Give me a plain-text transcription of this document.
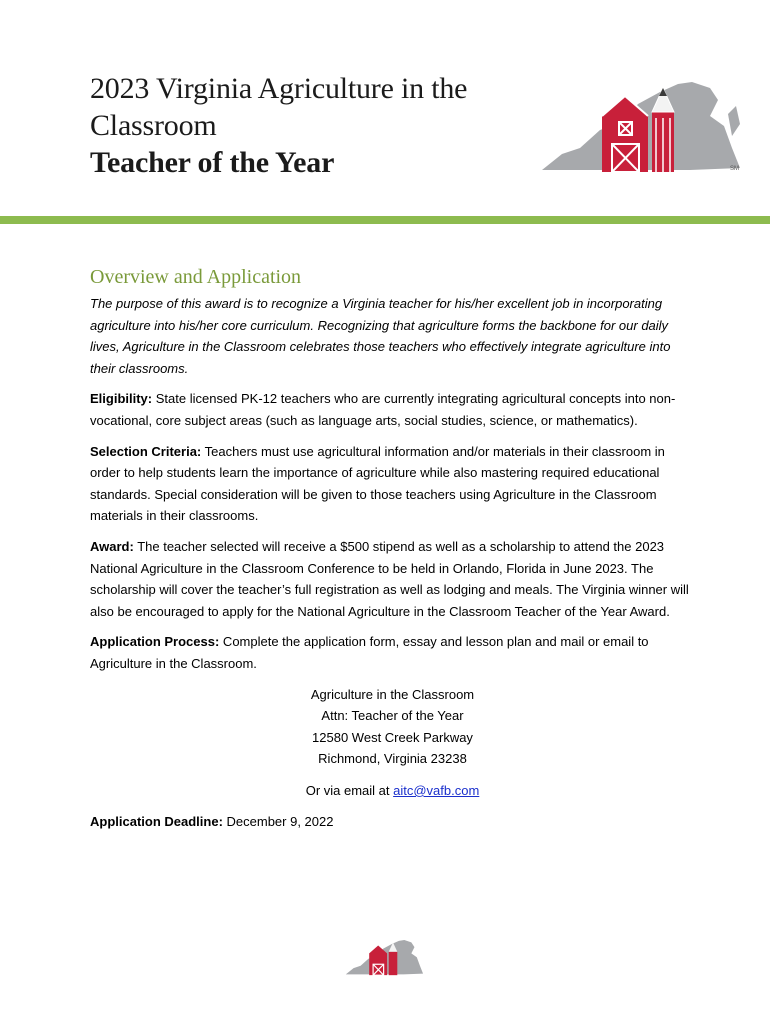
2023 Virginia Agriculture in the
Classroom
Teacher of the Year	SM
Overview and Application

The purpose of this award is to recognize a Virginia teacher for his/her excellent job in incorporating agriculture into his/her core curriculum. Recognizing that agriculture forms the backbone for our daily lives, Agriculture in the Classroom celebrates those teachers who effectively integrate agriculture into their classrooms.

Eligibility: State licensed PK-12 teachers who are currently integrating agricultural concepts into non-vocational, core subject areas (such as language arts, social studies, science, or mathematics).

Selection Criteria: Teachers must use agricultural information and/or materials in their classroom in order to help students learn the importance of agriculture while also mastering required educational standards. Special consideration will be given to those teachers using Agriculture in the Classroom materials in their classrooms.

Award: The teacher selected will receive a $500 stipend as well as a scholarship to attend the 2023 National Agriculture in the Classroom Conference to be held in Orlando, Florida in June 2023. The scholarship will cover the teacher’s full registration as well as lodging and meals. The Virginia winner will also be encouraged to apply for the National Agriculture in the Classroom Teacher of the Year Award.

Application Process: Complete the application form, essay and lesson plan and mail or email to Agriculture in the Classroom.

Agriculture in the Classroom
Attn: Teacher of the Year
12580 West Creek Parkway
Richmond, Virginia 23238
Or via email at aitc@vafb.com

Application Deadline: December 9, 2022
